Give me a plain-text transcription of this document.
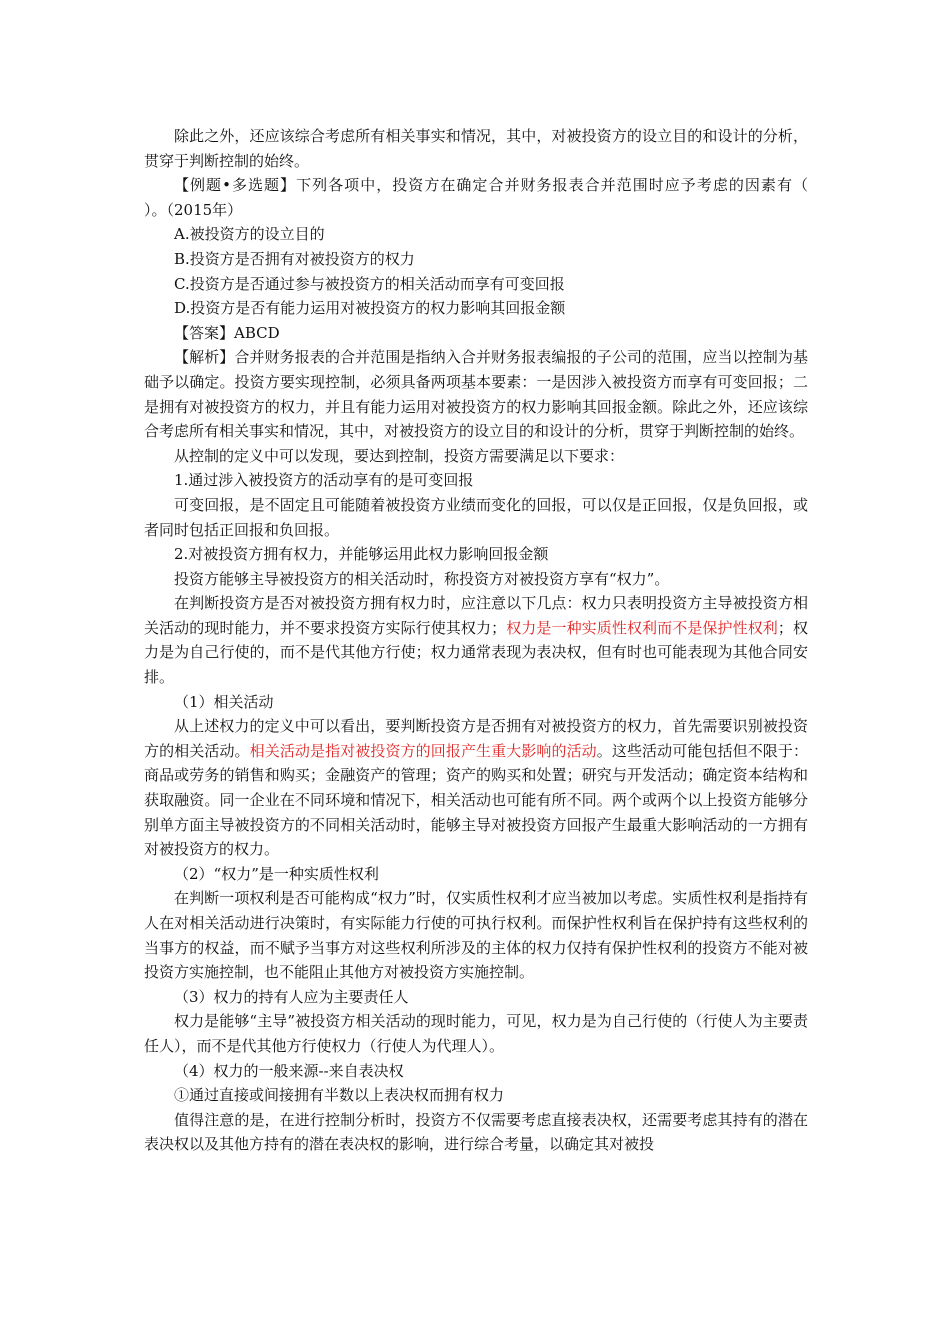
除此之外，还应该综合考虑所有相关事实和情况，其中，对被投资方的设立目的和设计的分析，贯穿于判断控制的始终。

【例题•多选题】下列各项中，投资方在确定合并财务报表合并范围时应予考虑的因素有（　　）。（2015年）

A.被投资方的设立目的

B.投资方是否拥有对被投资方的权力

C.投资方是否通过参与被投资方的相关活动而享有可变回报

D.投资方是否有能力运用对被投资方的权力影响其回报金额

【答案】ABCD

【解析】合并财务报表的合并范围是指纳入合并财务报表编报的子公司的范围，应当以控制为基础予以确定。投资方要实现控制，必须具备两项基本要素：一是因涉入被投资方而享有可变回报；二是拥有对被投资方的权力，并且有能力运用对被投资方的权力影响其回报金额。除此之外，还应该综合考虑所有相关事实和情况，其中，对被投资方的设立目的和设计的分析，贯穿于判断控制的始终。

从控制的定义中可以发现，要达到控制，投资方需要满足以下要求：

1.通过涉入被投资方的活动享有的是可变回报

可变回报，是不固定且可能随着被投资方业绩而变化的回报，可以仅是正回报，仅是负回报，或者同时包括正回报和负回报。

2.对被投资方拥有权力，并能够运用此权力影响回报金额

投资方能够主导被投资方的相关活动时，称投资方对被投资方享有“权力”。

在判断投资方是否对被投资方拥有权力时，应注意以下几点：权力只表明投资方主导被投资方相关活动的现时能力，并不要求投资方实际行使其权力；权力是一种实质性权利而不是保护性权利；权力是为自己行使的，而不是代其他方行使；权力通常表现为表决权，但有时也可能表现为其他合同安排。

（1）相关活动

从上述权力的定义中可以看出，要判断投资方是否拥有对被投资方的权力，首先需要识别被投资方的相关活动。相关活动是指对被投资方的回报产生重大影响的活动。这些活动可能包括但不限于：商品或劳务的销售和购买；金融资产的管理；资产的购买和处置；研究与开发活动；确定资本结构和获取融资。同一企业在不同环境和情况下，相关活动也可能有所不同。两个或两个以上投资方能够分别单方面主导被投资方的不同相关活动时，能够主导对被投资方回报产生最重大影响活动的一方拥有对被投资方的权力。

（2）“权力”是一种实质性权利

在判断一项权利是否可能构成“权力”时，仅实质性权利才应当被加以考虑。实质性权利是指持有人在对相关活动进行决策时，有实际能力行使的可执行权利。而保护性权利旨在保护持有这些权利的当事方的权益，而不赋予当事方对这些权利所涉及的主体的权力仅持有保护性权利的投资方不能对被投资方实施控制，也不能阻止其他方对被投资方实施控制。

（3）权力的持有人应为主要责任人

权力是能够“主导”被投资方相关活动的现时能力，可见，权力是为自己行使的（行使人为主要责任人），而不是代其他方行使权力（行使人为代理人）。

（4）权力的一般来源--来自表决权

①通过直接或间接拥有半数以上表决权而拥有权力

值得注意的是，在进行控制分析时，投资方不仅需要考虑直接表决权，还需要考虑其持有的潜在表决权以及其他方持有的潜在表决权的影响，进行综合考量，以确定其对被投
